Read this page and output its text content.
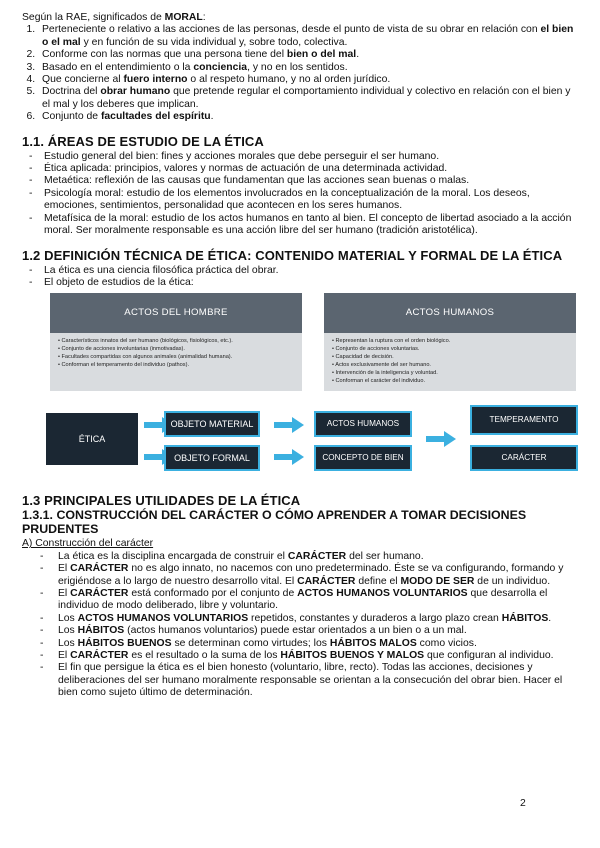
Según la RAE, significados de MORAL:
1. Perteneciente o relativo a las acciones de las personas, desde el punto de vista de su obrar en relación con el bien o el mal y en función de su vida individual y, sobre todo, colectiva.
2. Conforme con las normas que una persona tiene del bien o del mal.
3. Basado en el entendimiento o la conciencia, y no en los sentidos.
4. Que concierne al fuero interno o al respeto humano, y no al orden jurídico.
5. Doctrina del obrar humano que pretende regular el comportamiento individual y colectivo en relación con el bien y el mal y los deberes que implican.
6. Conjunto de facultades del espíritu.
1.1. ÁREAS DE ESTUDIO DE LA ÉTICA
- Estudio general del bien: fines y acciones morales que debe perseguir el ser humano.
- Ética aplicada: principios, valores y normas de actuación de una determinada actividad.
- Metaética: reflexión de las causas que fundamentan que las acciones sean buenas o malas.
- Psicología moral: estudio de los elementos involucrados en la conceptualización de la moral. Los deseos, emociones, sentimientos, personalidad que acontecen en los seres humanos.
- Metafísica de la moral: estudio de los actos humanos en tanto al bien. El concepto de libertad asociado a la acción moral. Ser moralmente responsable es una acción libre del ser humano (tradición aristotélica).
1.2 DEFINICIÓN TÉCNICA DE ÉTICA: CONTENIDO MATERIAL Y FORMAL DE LA ÉTICA
- La ética es una ciencia filosófica práctica del obrar.
- El objeto de estudios de la ética:
ACTOS DEL HOMBRE
• Característicos innatos del ser humano (biológicos, fisiológicos, etc.).
• Conjunto de acciones involuntarias (inmotivadas).
• Facultades compartidas con algunos animales (animalidad humana).
• Conforman el temperamento del individuo (pathos).
ACTOS HUMANOS
• Representan la ruptura con el orden biológico.
• Conjunto de acciones voluntarias.
• Capacidad de decisión.
• Actos exclusivamente del ser humano.
• Intervención de la inteligencia y voluntad.
• Conforman el carácter del individuo.
ÉTICA
OBJETO MATERIAL
OBJETO FORMAL
ACTOS HUMANOS
CONCEPTO DE BIEN
TEMPERAMENTO
CARÁCTER
1.3 PRINCIPALES UTILIDADES DE LA ÉTICA
1.3.1. CONSTRUCCIÓN DEL CARÁCTER O CÓMO APRENDER A TOMAR DECISIONES PRUDENTES
A) Construcción del carácter
- La ética es la disciplina encargada de construir el CARÁCTER del ser humano.
- El CARÁCTER no es algo innato, no nacemos con uno predeterminado. Éste se va configurando, formando y erigiéndose a lo largo de nuestro desarrollo vital. El CARÁCTER define el MODO DE SER de un individuo.
- El CARÁCTER está conformado por el conjunto de ACTOS HUMANOS VOLUNTARIOS que desarrolla el individuo de modo deliberado, libre y voluntario.
- Los ACTOS HUMANOS VOLUNTARIOS repetidos, constantes y duraderos a largo plazo crean HÁBITOS.
- Los HÁBITOS (actos humanos voluntarios) puede estar orientados a un bien o a un mal.
- Los HÁBITOS BUENOS se determinan como virtudes; los HÁBITOS MALOS como vicios.
- El CARÁCTER es el resultado o la suma de los HÁBITOS BUENOS Y MALOS que configuran al individuo.
- El fin que persigue la ética es el bien honesto (voluntario, libre, recto). Todas las acciones, decisiones y deliberaciones del ser humano moralmente responsable se orientan a la consecución del obrar bien. Hacer el bien como sujeto último de determinación.
2
